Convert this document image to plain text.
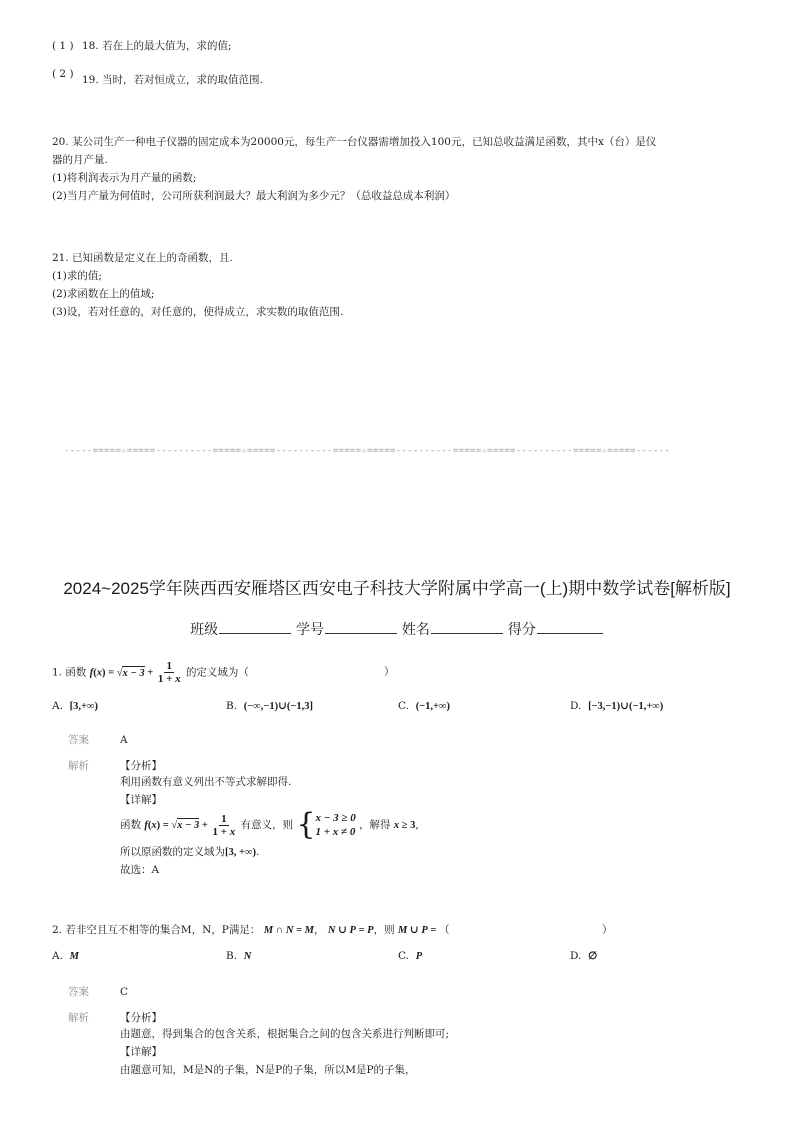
( 1 ) 18. 若在上的最大值为，求的值;
( 2 ) 19. 当时，若对恒成立，求的取值范围.
20. 某公司生产一种电子仪器的固定成本为20000元，每生产一台仪器需增加投入100元，已知总收益满足函数，其中x（台）是仪
器的月产量.
(1)将利润表示为月产量的函数;
(2)当月产量为何值时，公司所获利润最大？最大利润为多少元？（总收益总成本利润）
21. 已知函数是定义在上的奇函数，且.
(1)求的值;
(2)求函数在上的值域;
(3)设，若对任意的，对任意的，使得成立，求实数的取值范围.
-----=====☆=====----------=====☆=====----------=====☆=====----------=====☆=====----------=====☆=====------
2024~2025学年陕西西安雁塔区西安电子科技大学附属中学高一(上)期中数学试卷[解析版]
班级	学号	姓名	得分
1. 函数 $f(x) = √x - 3 + \frac{1}{1 + x}$ 的定义域为（	）
A. [3,+∞)	B. (−∞,−1)∪(−1,3]	C. (−1,+∞)	D. [−3,−1)∪(−1,+∞)
答案	A
解析	【分析】
利用函数有意义列出不等式求解即得.
【详解】
函数 $f(x) = √x - 3 + \frac{1}{1 + x}$ 有意义，则 {x − 3 ≥ 0
1 + x ≠ 0 ，解得 x ≥ 3,
所以原函数的定义域为[3, +∞).
故选：A
2. 若非空且互不相等的集合M，N，P满足： M ∩ N = M， N ∪ P = P，则 M ∪ P = （	）
A. M	B. N	C. P	D. ∅
答案	C
解析	【分析】
由题意，得到集合的包含关系，根据集合之间的包含关系进行判断即可;
【详解】
由题意可知，M是N的子集，N是P的子集，所以M是P的子集，
